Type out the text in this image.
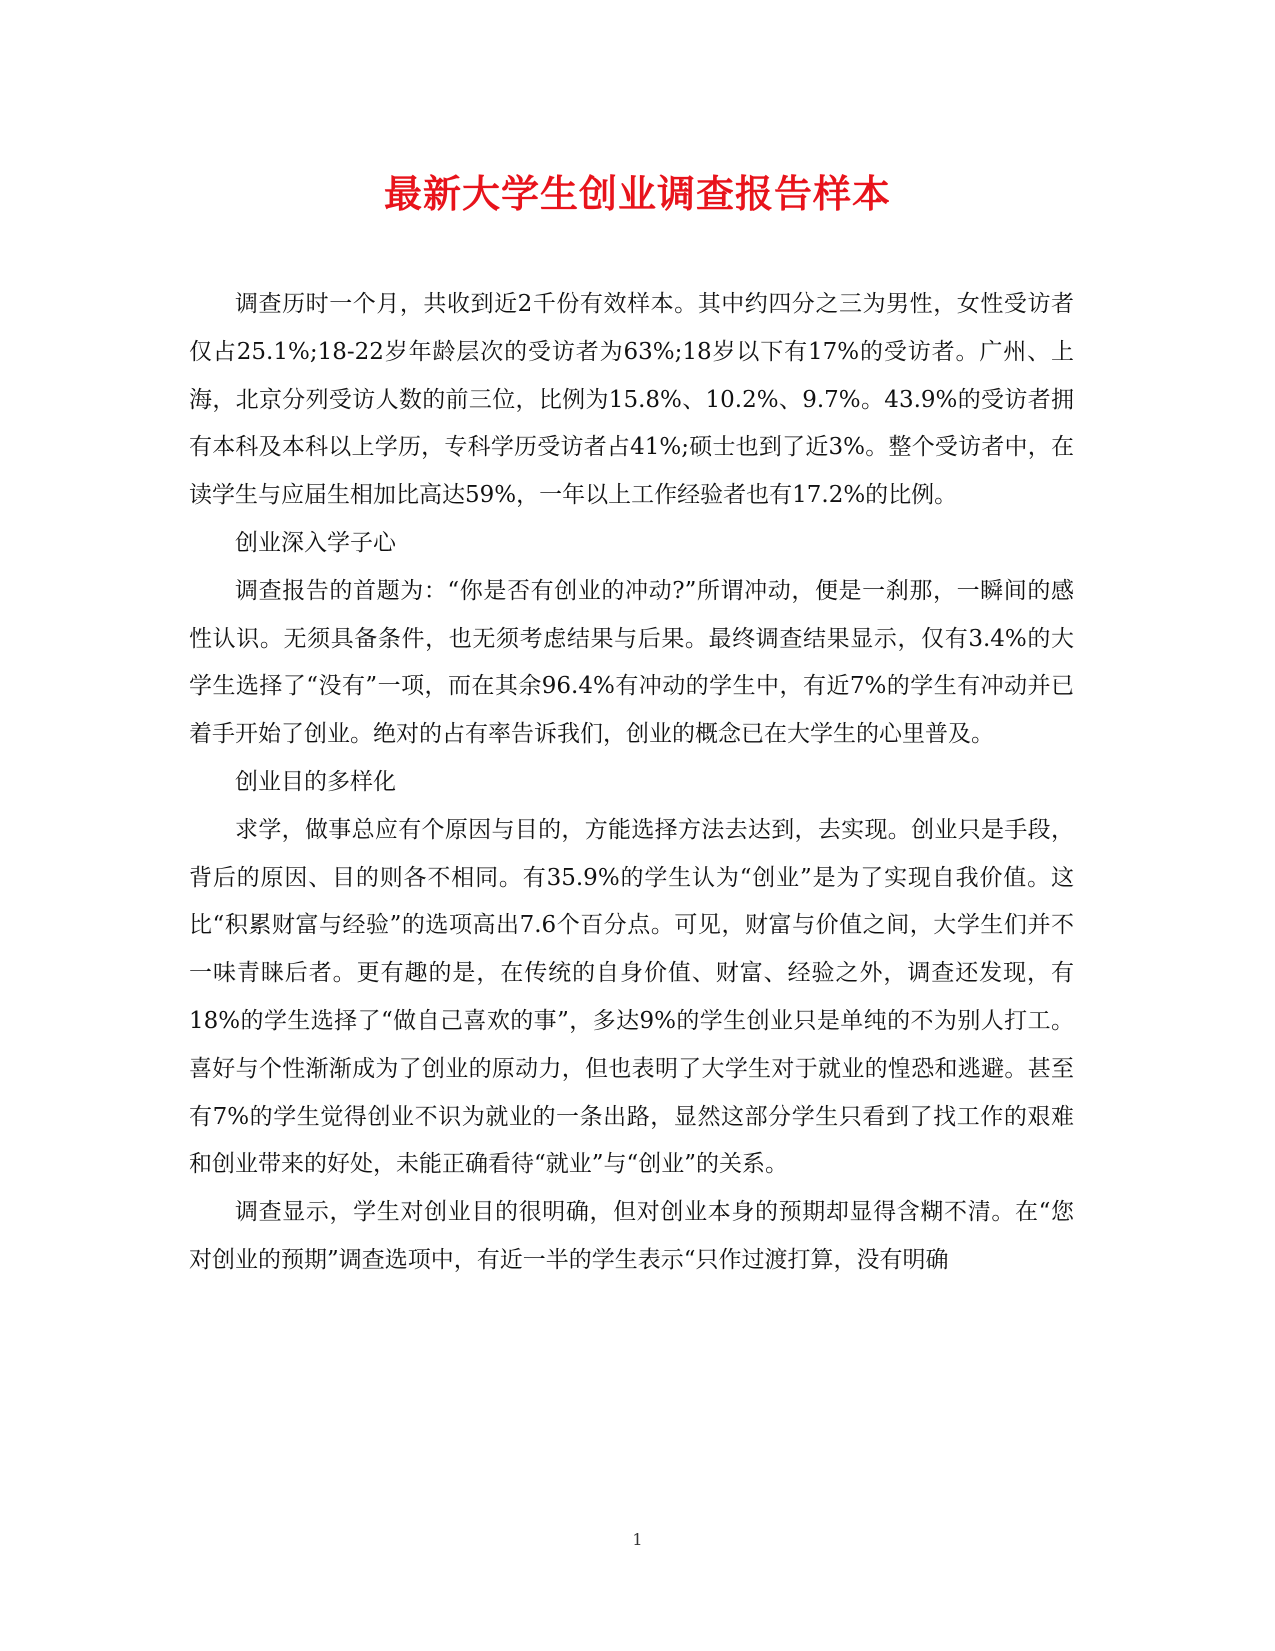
最新大学生创业调查报告样本

调查历时一个月，共收到近2千份有效样本。其中约四分之三为男性，女性受访者仅占25.1%;18-22岁年龄层次的受访者为63%;18岁以下有17%的受访者。广州、上海，北京分列受访人数的前三位，比例为15.8%、10.2%、9.7%。43.9%的受访者拥有本科及本科以上学历，专科学历受访者占41%;硕士也到了近3%。整个受访者中，在读学生与应届生相加比高达59%，一年以上工作经验者也有17.2%的比例。

创业深入学子心

调查报告的首题为：“你是否有创业的冲动?”所谓冲动，便是一刹那，一瞬间的感性认识。无须具备条件，也无须考虑结果与后果。最终调查结果显示，仅有3.4%的大学生选择了“没有”一项，而在其余96.4%有冲动的学生中，有近7%的学生有冲动并已着手开始了创业。绝对的占有率告诉我们，创业的概念已在大学生的心里普及。

创业目的多样化

求学，做事总应有个原因与目的，方能选择方法去达到，去实现。创业只是手段，背后的原因、目的则各不相同。有35.9%的学生认为“创业”是为了实现自我价值。这比“积累财富与经验”的选项高出7.6个百分点。可见，财富与价值之间，大学生们并不一味青睐后者。更有趣的是，在传统的自身价值、财富、经验之外，调查还发现，有18%的学生选择了“做自己喜欢的事”，多达9%的学生创业只是单纯的不为别人打工。喜好与个性渐渐成为了创业的原动力，但也表明了大学生对于就业的惶恐和逃避。甚至有7%的学生觉得创业不识为就业的一条出路，显然这部分学生只看到了找工作的艰难和创业带来的好处，未能正确看待“就业”与“创业”的关系。

调查显示，学生对创业目的很明确，但对创业本身的预期却显得含糊不清。在“您对创业的预期”调查选项中，有近一半的学生表示“只作过渡打算，没有明确

1
